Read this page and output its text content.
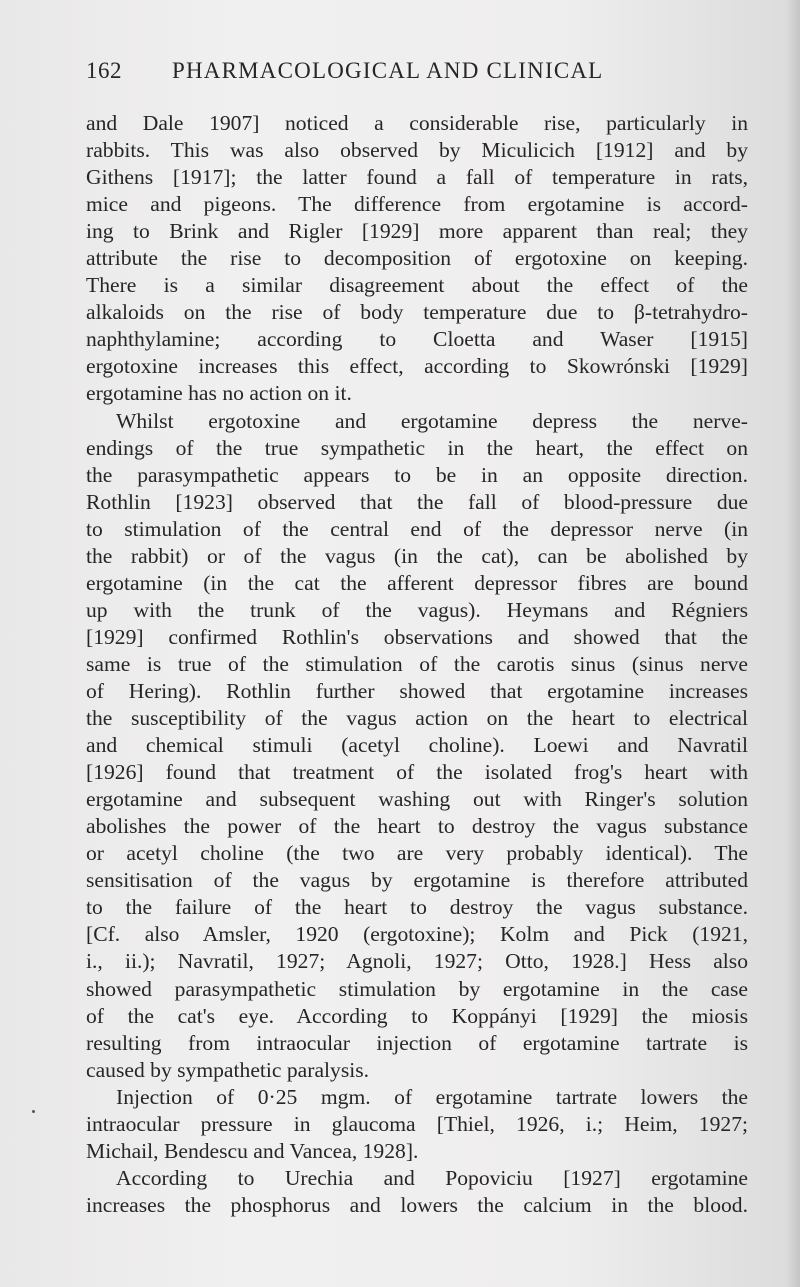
162 PHARMACOLOGICAL AND CLINICAL
and Dale 1907] noticed a considerable rise, particularly in
rabbits. This was also observed by Miculicich [1912] and by
Githens [1917]; the latter found a fall of temperature in rats,
mice and pigeons. The difference from ergotamine is accord-
ing to Brink and Rigler [1929] more apparent than real; they
attribute the rise to decomposition of ergotoxine on keeping.
There is a similar disagreement about the effect of the
alkaloids on the rise of body temperature due to β-tetrahydro-
naphthylamine; according to Cloetta and Waser [1915]
ergotoxine increases this effect, according to Skowrónski [1929]
ergotamine has no action on it.
Whilst ergotoxine and ergotamine depress the nerve-
endings of the true sympathetic in the heart, the effect on
the parasympathetic appears to be in an opposite direction.
Rothlin [1923] observed that the fall of blood-pressure due
to stimulation of the central end of the depressor nerve (in
the rabbit) or of the vagus (in the cat), can be abolished by
ergotamine (in the cat the afferent depressor fibres are bound
up with the trunk of the vagus). Heymans and Régniers
[1929] confirmed Rothlin's observations and showed that the
same is true of the stimulation of the carotis sinus (sinus nerve
of Hering). Rothlin further showed that ergotamine increases
the susceptibility of the vagus action on the heart to electrical
and chemical stimuli (acetyl choline). Loewi and Navratil
[1926] found that treatment of the isolated frog's heart with
ergotamine and subsequent washing out with Ringer's solution
abolishes the power of the heart to destroy the vagus substance
or acetyl choline (the two are very probably identical). The
sensitisation of the vagus by ergotamine is therefore attributed
to the failure of the heart to destroy the vagus substance.
[Cf. also Amsler, 1920 (ergotoxine); Kolm and Pick (1921,
i., ii.); Navratil, 1927; Agnoli, 1927; Otto, 1928.] Hess also
showed parasympathetic stimulation by ergotamine in the case
of the cat's eye. According to Koppányi [1929] the miosis
resulting from intraocular injection of ergotamine tartrate is
caused by sympathetic paralysis.
Injection of 0·25 mgm. of ergotamine tartrate lowers the
intraocular pressure in glaucoma [Thiel, 1926, i.; Heim, 1927;
Michail, Bendescu and Vancea, 1928].
According to Urechia and Popoviciu [1927] ergotamine
increases the phosphorus and lowers the calcium in the blood.
